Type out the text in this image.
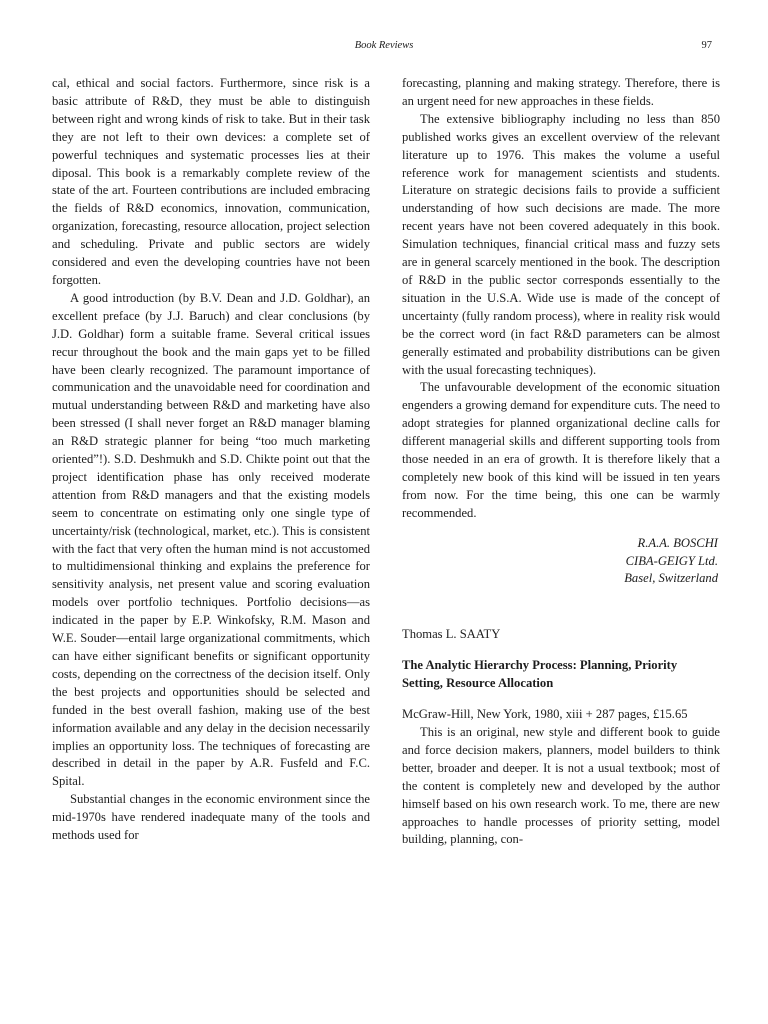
Book Reviews	97

cal, ethical and social factors. Furthermore, since risk is a basic attribute of R&D, they must be able to distinguish between right and wrong kinds of risk to take. But in their task they are not left to their own devices: a complete set of powerful techniques and systematic processes lies at their diposal. This book is a remarkably complete review of the state of the art. Fourteen contributions are included embracing the fields of R&D economics, innovation, communication, organization, forecasting, resource allocation, project selection and scheduling. Private and public sectors are widely considered and even the developing countries have not been forgotten.

A good introduction (by B.V. Dean and J.D. Goldhar), an excellent preface (by J.J. Baruch) and clear conclusions (by J.D. Goldhar) form a suitable frame. Several critical issues recur throughout the book and the main gaps yet to be filled have been clearly recognized. The paramount importance of communication and the unavoidable need for coordination and mutual understanding between R&D and marketing have also been stressed (I shall never forget an R&D manager blaming an R&D strategic planner for being “too much marketing oriented”!). S.D. Deshmukh and S.D. Chikte point out that the project identification phase has only received moderate attention from R&D managers and that the existing models seem to concentrate on estimating only one single type of uncertainty/risk (technological, market, etc.). This is consistent with the fact that very often the human mind is not accustomed to multidimensional thinking and explains the preference for sensitivity analysis, net present value and scoring evaluation models over portfolio techniques. Portfolio decisions—as indicated in the paper by E.P. Winkofsky, R.M. Mason and W.E. Souder—entail large organizational commitments, which can have either significant benefits or significant opportunity costs, depending on the correctness of the decision itself. Only the best projects and opportunities should be selected and funded in the best overall fashion, making use of the best information available and any delay in the decision necessarily implies an opportunity loss. The techniques of forecasting are described in detail in the paper by A.R. Fusfeld and F.C. Spital.

Substantial changes in the economic environment since the mid-1970s have rendered inadequate many of the tools and methods used for

forecasting, planning and making strategy. Therefore, there is an urgent need for new approaches in these fields.

The extensive bibliography including no less than 850 published works gives an excellent overview of the relevant literature up to 1976. This makes the volume a useful reference work for management scientists and students. Literature on strategic decisions fails to provide a sufficient understanding of how such decisions are made. The more recent years have not been covered adequately in this book. Simulation techniques, financial critical mass and fuzzy sets are in general scarcely mentioned in the book. The description of R&D in the public sector corresponds essentially to the situation in the U.S.A. Wide use is made of the concept of uncertainty (fully random process), where in reality risk would be the correct word (in fact R&D parameters can be almost generally estimated and probability distributions can be given with the usual forecasting techniques).

The unfavourable development of the economic situation engenders a growing demand for expenditure cuts. The need to adopt strategies for planned organizational decline calls for different managerial skills and different supporting tools from those needed in an era of growth. It is therefore likely that a completely new book of this kind will be issued in ten years from now. For the time being, this one can be warmly recommended.

R.A.A. BOSCHI
CIBA-GEIGY Ltd.
Basel, Switzerland
Thomas L. SAATY
The Analytic Hierarchy Process: Planning, Priority Setting, Resource Allocation
McGraw-Hill, New York, 1980, xiii + 287 pages, £15.65

This is an original, new style and different book to guide and force decision makers, planners, model builders to think better, broader and deeper. It is not a usual textbook; most of the content is completely new and developed by the author himself based on his own research work. To me, there are new approaches to handle processes of priority setting, model building, planning, con-
